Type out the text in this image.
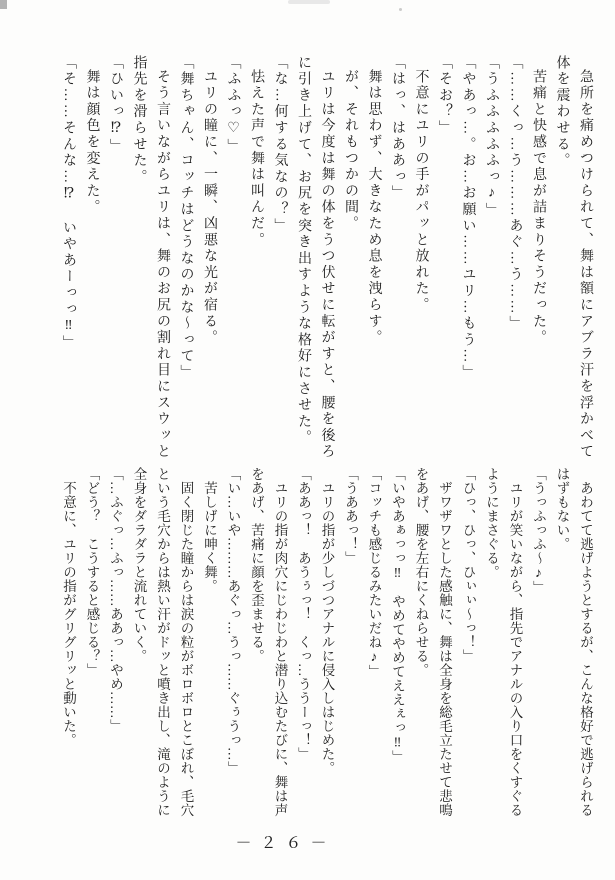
急所を痛めつけられて、舞は額にアブラ汗を浮かべて

体を震わせる。

苦痛と快感で息が詰まりそうだった。

「……くっ…う………あぐ…う……」

「うふふふふふっ♪」

「やあっ…。お…お願い……ユリ…もう…」

「そお？」

不意にユリの手がパッと放れた。

「はっ、はああっ」

舞は思わず、大きなため息を洩らす。

が、それもつかの間。

ユリは今度は舞の体をうつ伏せに転がすと、腰を後ろ

に引き上げて、お尻を突き出すような格好にさせた。

「な…何する気なの？」

怯えた声で舞は叫んだ。

「ふふっ♡」

ユリの瞳に、一瞬、凶悪な光が宿る。

「舞ちゃん、コッチはどうなのかな〜って」

そう言いながらユリは、舞のお尻の割れ目にスウッと

指先を滑らせた。

「ひいっ⁉」

舞は顔色を変えた。

「そ……そんな…⁉　いやあーっっ‼」

あわてて逃げようとするが、こんな格好で逃げられる

はずもない。

「うっふっふ〜♪」

ユリが笑いながら、指先でアナルの入り口をくすぐる

ようにまさぐる。

「ひっ、ひっ、ひぃぃ〜っ！」

ザワザワとした感触に、舞は全身を総毛立たせて悲鳴

をあげ、腰を左右にくねらせる。

「いやあぁっっ‼　やめてやめてええぇっ‼」

「コッチも感じるみたいだね♪」

「うああっ！」

ユリの指が少しづつアナルに侵入しはじめた。

「ああっ！　あうぅっ！　くっ…ううーっ！」

ユリの指が肉穴にじわじわと潜り込むたびに、舞は声

をあげ、苦痛に顔を歪ませる。

「い…いや………あぐっ…うっ……ぐぅうっ…」

苦しげに呻く舞。

固く閉じた瞳からは涙の粒がボロボロとこぼれ、毛穴

という毛穴からは熱い汗がドッと噴き出し、滝のように

全身をダラダラと流れていく。

「…ふぐっ…ふっ……ああっ…やめ……」

「どう？　こうすると感じる？」

不意に、ユリの指がグリグリッと動いた。

－２６－
